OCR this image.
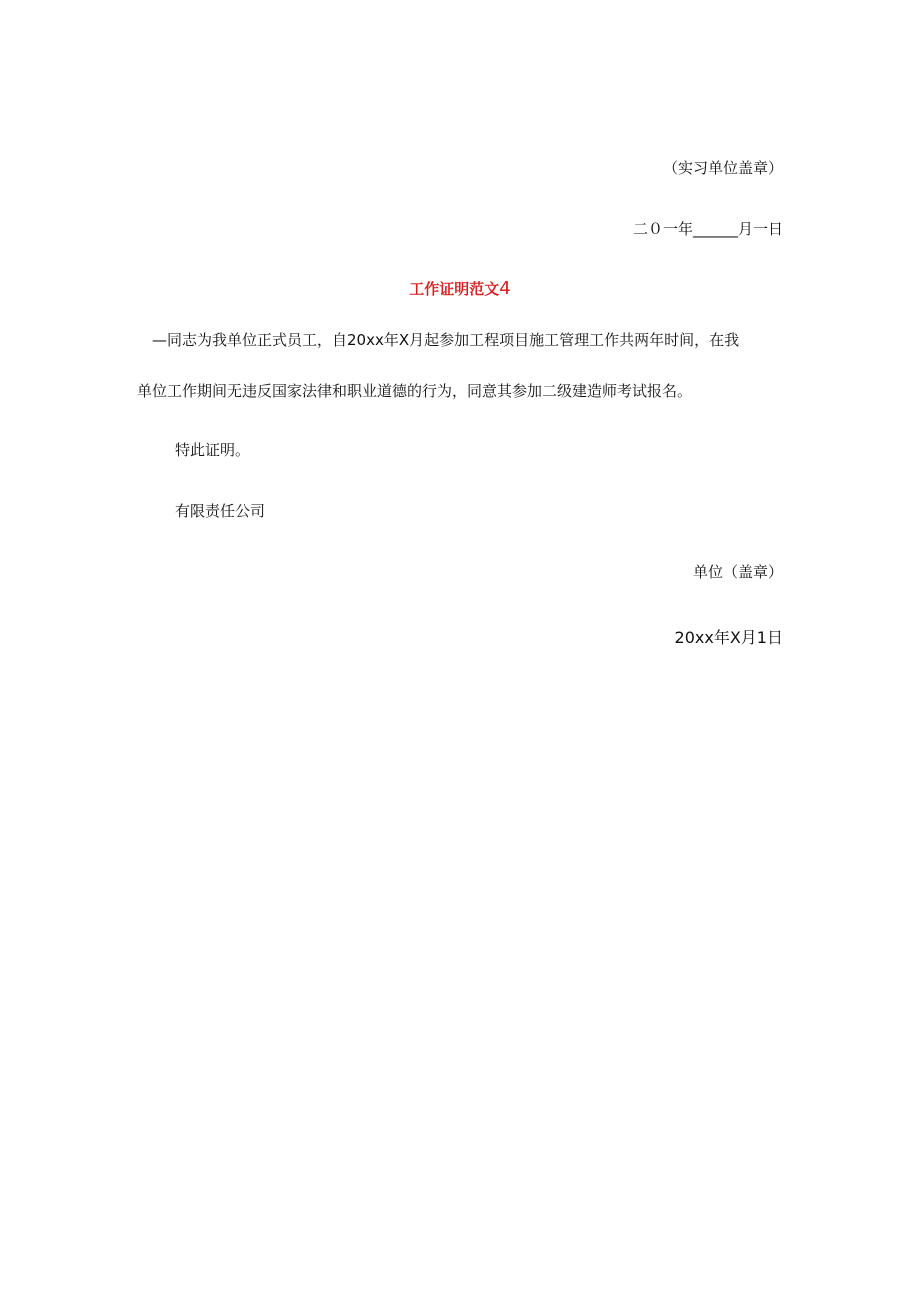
（实习单位盖章）
二０一年______月一日
工作证明范文4
—同志为我单位正式员工，自20xx年X月起参加工程项目施工管理工作共两年时间，在我
单位工作期间无违反国家法律和职业道德的行为，同意其参加二级建造师考试报名。
特此证明。
有限责任公司
单位（盖章）
20xx年X月1日
